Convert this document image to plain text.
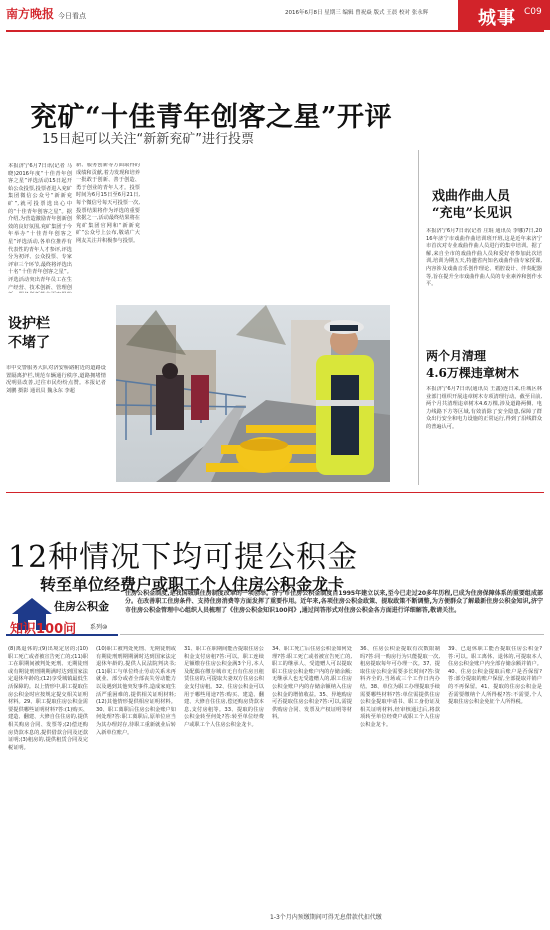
南方晚报 今日看点	2016年6月8日 星期三 编辑 曾祝焱 版式 王晨 校对 张永辉	城事 C09
兖矿“十佳青年创客之星”开评
15日起可以关注“新新兖矿”进行投票
本报济宁6月7日讯(记者 马晓)2016年度“十佳青年创客之星”评选活动15日起开始公众投票,投票者进入兖矿集团微信公众号“新新兖矿”,就可投票选出心中的“十佳青年创客之星”。据介绍,为营造激励青年创新创效的良好氛围,兖矿集团于今年举办“十佳青年创客之星”评选活动,各单位推荐有代表性的青年人才参评,评选分为初评、公众投票、专家评审三个环节,最终将评选出十名“十佳青年创客之星”。评选活动突出青年员工在生产经营、技术创新、管理创
新、服务创新等方面取得的成绩和贡献,着力发现和培养一批敢于创新、善于创造、勇于创业的青年人才。投票时间为6月15日至6月21日,每个微信号每天可投票一次,投票结果将作为评选的重要依据之一,活动最终结果将在兖矿集团官网和“新新兖矿”公众号上公布,敬请广大网友关注并积极参与投票。
戏曲作曲人员
“充电”长见识
本报济宁6月7日讯(记者 庄琨 通讯员 李娜)7日,2016年济宁市戏曲作曲培训班开班,这是近年来济宁市首次对专业戏曲作曲人员进行的集中培训。据了解,来自全市的戏曲作曲人员和爱好者参加此次培训,培训为期五天,特邀省内知名戏曲作曲专家授课,内容涉及戏曲音乐创作理论、唱腔设计、伴奏配器等,旨在提升全市戏曲作曲人员的专业素养和创作水平。
设护栏
不堵了
市中交警服务大队对济安桥路附近的道路设置隔离护栏,规范车辆通行秩序,道路拥堵情况明显改善,过往市民纷纷点赞。本报记者 刘鹏 摄影 通讯员 魏永东 李超
两个月清理
4.6万棵违章树木
本报济宁6月7日讯(通讯员 王鑫)连日来,任城区林业部门组织开展违章树木专项清理行动。截至目前,两个月共清理违章树木4.6万棵,涉及道路两侧、电力线路下方等区域,有效消除了安全隐患,保障了群众出行安全和电力设施的正常运行,得到了沿线群众的普遍认可。
12种情况下均可提公积金
转至单位经费户或职工个人住房公积金龙卡
住房公积金
知识100问 系列⑩
住房公积金制度,是我国城镇住房制度改革的一项创举。济宁市住房公积金制度自1995年建立以来,至今已走过20多年历程,已成为住房保障体系的重要组成部分。在改善职工住房条件、支持住房消费等方面发挥了重要作用。近年来,各项住房公积金政策、提取政策不断调整,为方便群众了解最新住房公积金知识,济宁市住房公积金管理中心组织人员梳理了《住房公积金知识100问》,通过问答形式对住房公积金各方面进行详细解答,敬请关注。
(8)离退休的;(9)出境定居的;(10)职工死亡或者被宣告死亡的;(11)职工在职期间被判处死刑、无期徒刑或有期徒刑刑期期满时达到国家法定退休年龄的;(12)享受城镇最低生活保障的。以上情形中,职工提取住房公积金时应按规定提交相关证明材料。29、职工提取住房公积金需要提供哪些证明材料?答:(1)购买、建造、翻建、大修自住住房的,提供相关购房合同、发票等;(2)偿还购房贷款本息的,提供借款合同及还款证明;(3)租房的,提供租赁合同及完税证明。
(10)职工被判处死刑、无期徒刑或有期徒刑刑期期满时达到国家法定退休年龄的,提供人民法院判决书;(11)职工与单位终止劳动关系未再就业、部分或者全部丧失劳动能力以及遇到其他突发事件,造成家庭生活严重困难的,提供相关证明材料;(12)其他情形提供相应证明材料。30、职工离职后住房公积金账户如何处理?答:职工离职后,原单位应当为其办理封存,待职工重新就业后转入新单位账户。
31、职工在职期间能否提取住房公积金支付房租?答:可以。职工连续足额缴存住房公积金满3个月,本人及配偶在缴存城市无自有住房且租赁住房的,可提取夫妻双方住房公积金支付房租。32、住房公积金可以用于哪些用途?答:购买、建造、翻建、大修自住住房,偿还购房贷款本息,支付房租等。33、提取的住房公积金转至何处?答:转至单位经费户或职工个人住房公积金龙卡。
34、职工死亡后住房公积金如何处理?答:职工死亡或者被宣告死亡的,职工的继承人、受遗赠人可以提取职工住房公积金账户内的存储余额;无继承人也无受遗赠人的,职工住房公积金账户内的存储余额纳入住房公积金的增值收益。35、异地购房可否提取住房公积金?答:可以,需提供购房合同、发票及产权证明等材料。
36、住房公积金提取有次数限制吗?答:同一购房行为只能提取一次,租房提取每年可办理一次。37、提取住房公积金需要多长时间?答:资料齐全的,当场或三个工作日内办结。38、单位为职工办理提取手续需要哪些材料?答:单位需提供住房公积金提取申请书、职工身份证及相关证明材料,经审核通过后,将款项转至单位经费户或职工个人住房公积金龙卡。
39、已退休职工能否提取住房公积金?答:可以。职工离休、退休的,可提取本人住房公积金账户内全部存储余额并销户。40、住房公积金提取后账户是否保留?答:部分提取的账户保留,全部提取并销户的不再保留。41、提取的住房公积金是否需要缴纳个人所得税?答:不需要,个人提取住房公积金免征个人所得税。
1-3个月内预缴期间可得无息借款代扣代缴
